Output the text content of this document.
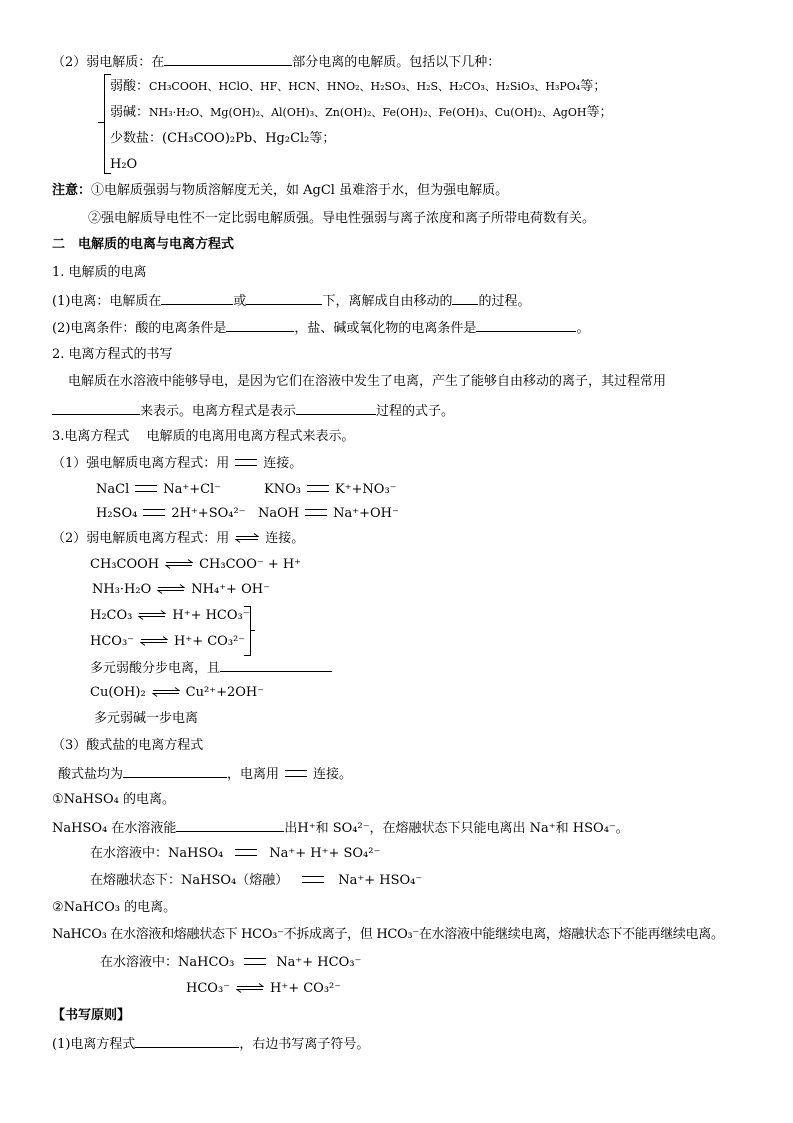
（2）弱电解质：在	部分电离的电解质。包括以下几种：
弱酸：CH₃COOH、HClO、HF、HCN、HNO₂、H₂SO₃、H₂S、H₂CO₃、H₂SiO₃、H₃PO₄等；
弱碱：NH₃·H₂O、Mg(OH)₂、Al(OH)₃、Zn(OH)₂、Fe(OH)₂、Fe(OH)₃、Cu(OH)₂、AgOH等；
少数盐：(CH₃COO)₂Pb、Hg₂Cl₂等；
H₂O
注意：①电解质强弱与物质溶解度无关，如 AgCl 虽难溶于水，但为强电解质。
②强电解质导电性不一定比弱电解质强。导电性强弱与离子浓度和离子所带电荷数有关。
二　电解质的电离与电离方程式
1. 电解质的电离
(1)电离：电解质在	或	下，离解成自由移动的 的过程。
(2)电离条件：酸的电离条件是	，盐、碱或氧化物的电离条件是	。
2. 电离方程式的书写
电解质在水溶液中能够导电，是因为它们在溶液中发生了电离，产生了能够自由移动的离子，其过程常用
来表示。电离方程式是表示	过程的式子。
3.电离方程式　 电解质的电离用电离方程式来表示。
（1）强电解质电离方程式：用	连接。
NaCl	Na⁺+Cl⁻	KNO₃	K⁺+NO₃⁻
H₂SO₄	2H⁺+SO₄²⁻ NaOH	Na⁺+OH⁻
（2）弱电解质电离方程式：用 ⇌ 连接。
CH₃COOH ⇌ CH₃COO⁻ + H⁺
NH₃·H₂O ⇌ NH₄⁺+ OH⁻
H₂CO₃ ⇌ H⁺+ HCO₃⁻
HCO₃⁻ ⇌ H⁺+ CO₃²⁻
多元弱酸分步电离，且
Cu(OH)₂ ⇌ Cu²⁺+2OH⁻
多元弱碱一步电离
（3）酸式盐的电离方程式
酸式盐均为	，电离用	连接。
①NaHSO₄ 的电离。
NaHSO₄ 在水溶液能	出H⁺和 SO₄²⁻，在熔融状态下只能电离出 Na⁺和 HSO₄⁻。
在水溶液中：NaHSO₄	Na⁺+ H⁺+ SO₄²⁻
在熔融状态下：NaHSO₄（熔融）	Na⁺+ HSO₄⁻
②NaHCO₃ 的电离。
NaHCO₃ 在水溶液和熔融状态下 HCO₃⁻不拆成离子，但 HCO₃⁻在水溶液中能继续电离，熔融状态下不能再继续电离。
在水溶液中：NaHCO₃	Na⁺+ HCO₃⁻
HCO₃⁻ ⇌ H⁺+ CO₃²⁻
【书写原则】
(1)电离方程式	，右边书写离子符号。
